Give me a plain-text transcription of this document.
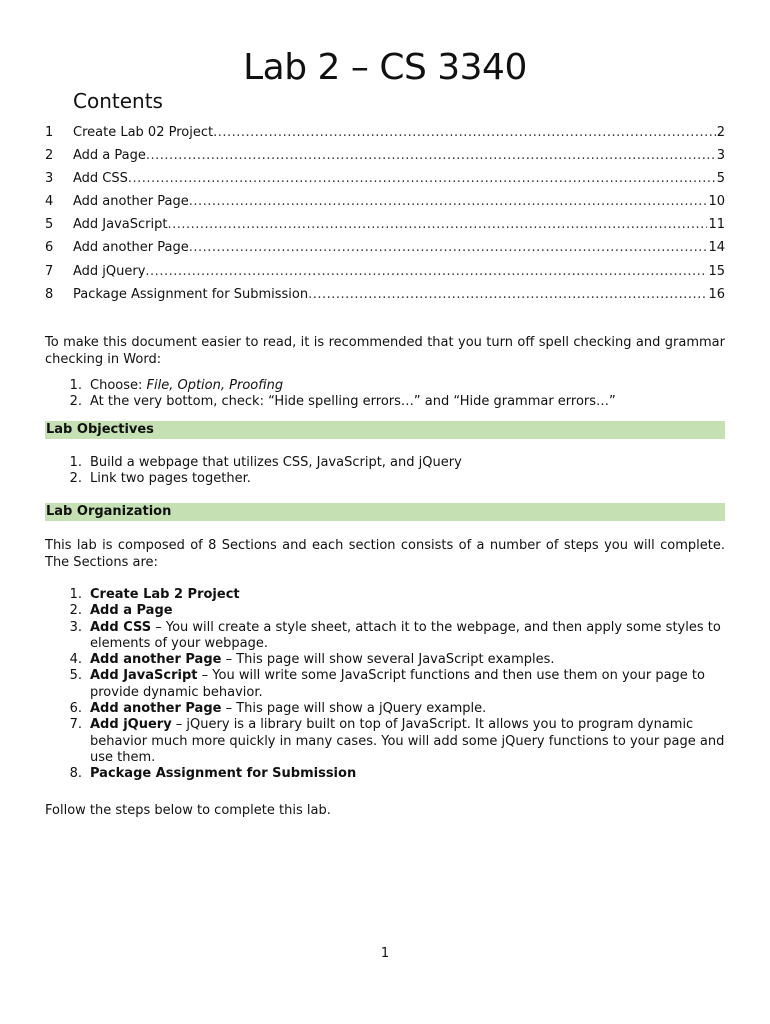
Lab 2 – CS 3340
Contents
1	Create Lab 02 Project .....	2
2	Add a Page .....	3
3	Add CSS .....	5
4	Add another Page .....	10
5	Add JavaScript .....	11
6	Add another Page .....	14
7	Add jQuery .....	15
8	Package Assignment for Submission .....	16

To make this document easier to read, it is recommended that you turn off spell checking and grammar checking in Word:

1. Choose: File, Option, Proofing
2. At the very bottom, check: “Hide spelling errors…” and “Hide grammar errors…”
Lab Objectives
1. Build a webpage that utilizes CSS, JavaScript, and jQuery
2. Link two pages together.
Lab Organization

This lab is composed of 8 Sections and each section consists of a number of steps you will complete. The Sections are:

1. Create Lab 2 Project
2. Add a Page
3. Add CSS – You will create a style sheet, attach it to the webpage, and then apply some styles to elements of your webpage.
4. Add another Page – This page will show several JavaScript examples.
5. Add JavaScript – You will write some JavaScript functions and then use them on your page to provide dynamic behavior.
6. Add another Page – This page will show a jQuery example.
7. Add jQuery – jQuery is a library built on top of JavaScript. It allows you to program dynamic behavior much more quickly in many cases. You will add some jQuery functions to your page and use them.
8. Package Assignment for Submission

Follow the steps below to complete this lab.

1
